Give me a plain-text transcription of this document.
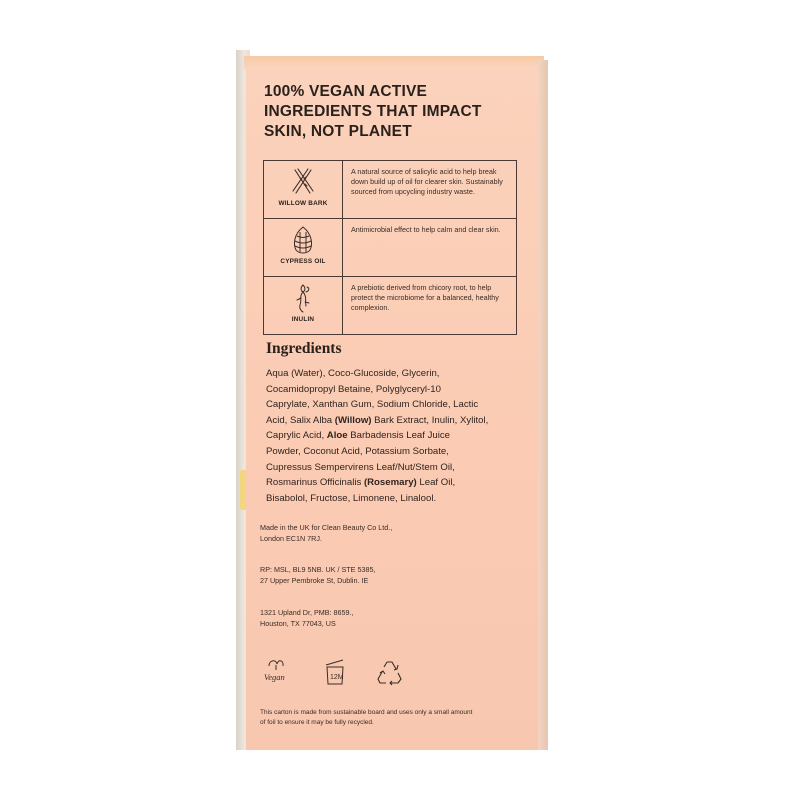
100% VEGAN ACTIVE
INGREDIENTS THAT IMPACT
SKIN, NOT PLANET
WILLOW BARK	A natural source of salicylic acid to help break down build up of oil for clearer skin. Sustainably sourced from upcycling industry waste.

CYPRESS OIL	Antimicrobial effect to help calm and clear skin.

INULIN	A prebiotic derived from chicory root, to help protect the microbiome for a balanced, healthy complexion.
Ingredients
Aqua (Water), Coco-Glucoside, Glycerin,
Cocamidopropyl Betaine, Polyglyceryl-10
Caprylate, Xanthan Gum, Sodium Chloride, Lactic
Acid, Salix Alba (Willow) Bark Extract, Inulin, Xylitol,
Caprylic Acid, Aloe Barbadensis Leaf Juice
Powder, Coconut Acid, Potassium Sorbate,
Cupressus Sempervirens Leaf/Nut/Stem Oil,
Rosmarinus Officinalis (Rosemary) Leaf Oil,
Bisabolol, Fructose, Limonene, Linalool.
Made in the UK for Clean Beauty Co Ltd.,
London EC1N 7RJ.
RP: MSL, BL9 5NB. UK / STE 5385,
27 Upper Pembroke St, Dublin. IE
1321 Upland Dr, PMB: 8659.,
Houston, TX 77043, US
Vegan	12M
This carton is made from sustainable board and uses only a small amount
of foil to ensure it may be fully recycled.
